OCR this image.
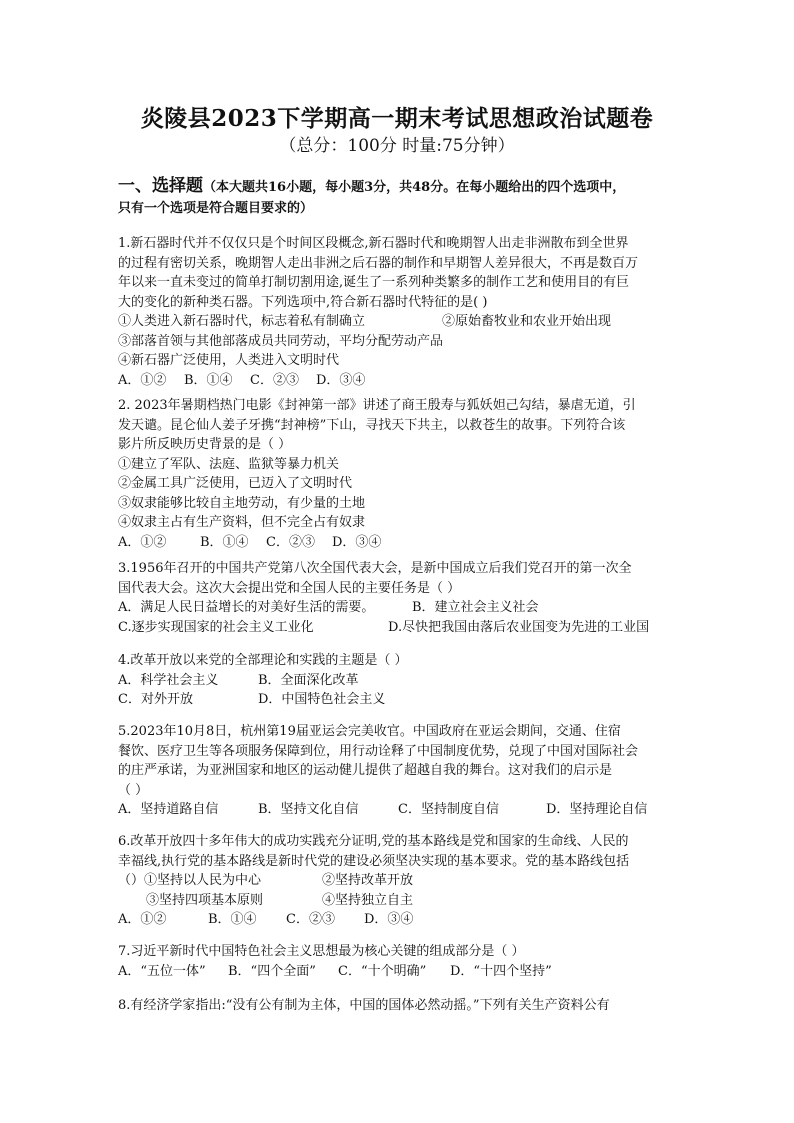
炎陵县2023下学期高一期末考试思想政治试题卷
（总分：100分 时量:75分钟）
一、选择题（本大题共16小题，每小题3分，共48分。在每小题给出的四个选项中，
只有一个选项是符合题目要求的）
1.新石器时代并不仅仅只是个时间区段概念,新石器时代和晚期智人出走非洲散布到全世界
的过程有密切关系，晚期智人走出非洲之后石器的制作和早期智人差异很大，不再是数百万
年以来一直未变过的简单打制切割用途,诞生了一系列种类繁多的制作工艺和使用目的有巨
大的变化的新种类石器。下列选项中,符合新石器时代特征的是( )
①人类进入新石器时代，标志着私有制确立	②原始畜牧业和农业开始出现
③部落首领与其他部落成员共同劳动，平均分配劳动产品
④新石器广泛使用，人类进入文明时代
A．①②	B．①④	C．②③	D．③④
2. 2023年暑期档热门电影《封神第一部》讲述了商王殷寿与狐妖妲己勾结，暴虐无道，引
发天谴。昆仑仙人姜子牙携“封神榜”下山，寻找天下共主，以救苍生的故事。下列符合该
影片所反映历史背景的是（ ）
①建立了军队、法庭、监狱等暴力机关
②金属工具广泛使用，已迈入了文明时代
③奴隶能够比较自主地劳动，有少量的土地
④奴隶主占有生产资料，但不完全占有奴隶
A．①②	B．①④	C．②③	D．③④
3.1956年召开的中国共产党第八次全国代表大会，是新中国成立后我们党召开的第一次全
国代表大会。这次大会提出党和全国人民的主要任务是（ ）
A．满足人民日益增长的对美好生活的需要。	B．建立社会主义社会
C.逐步实现国家的社会主义工业化	D.尽快把我国由落后农业国变为先进的工业国
4.改革开放以来党的全部理论和实践的主题是（ ）
A．科学社会主义	B．全面深化改革
C．对外开放	D．中国特色社会主义
5.2023年10月8日，杭州第19届亚运会完美收官。中国政府在亚运会期间，交通、住宿
餐饮、医疗卫生等各项服务保障到位，用行动诠释了中国制度优势，兑现了中国对国际社会
的庄严承诺，为亚洲国家和地区的运动健儿提供了超越自我的舞台。这对我们的启示是
（ ）
A．坚持道路自信	B．坚持文化自信	C．坚持制度自信	D．坚持理论自信
6.改革开放四十多年伟大的成功实践充分证明,党的基本路线是党和国家的生命线、人民的
幸福线,执行党的基本路线是新时代党的建设必须坚决实现的基本要求。党的基本路线包括
（）①坚持以人民为中心	②坚持改革开放
③坚持四项基本原则	④坚持独立自主
A．①②	B．①④	C．②③	D．③④
7.习近平新时代中国特色社会主义思想最为核心关键的组成部分是（ ）
A．“五位一体”	B．“四个全面”	C．“十个明确”	D．“十四个坚持”
8.有经济学家指出:“没有公有制为主体，中国的国体必然动摇。”下列有关生产资料公有
